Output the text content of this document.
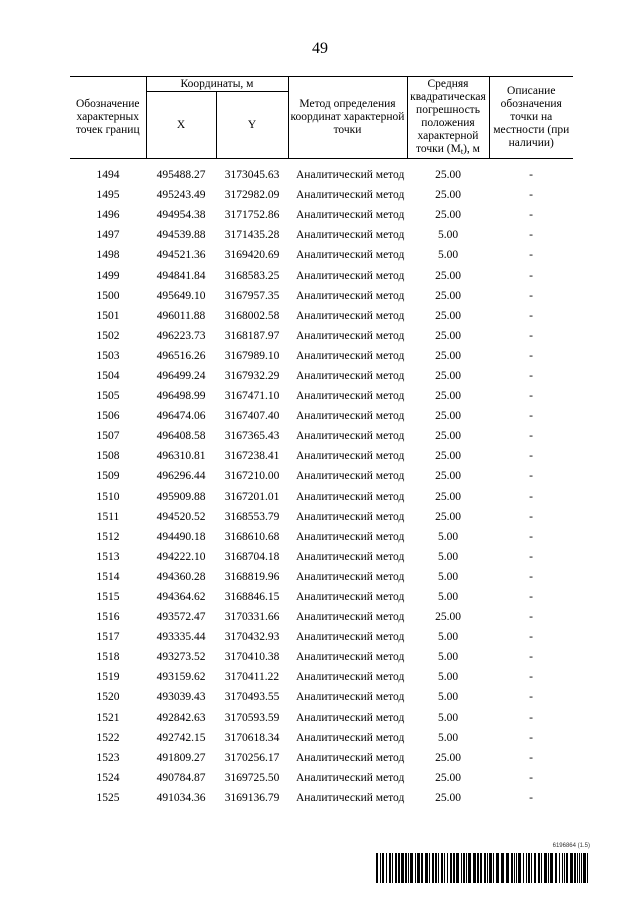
49
Обозначение характерных точек границ	Координаты, м		Метод определения координат характерной точки	Средняя квадратическая погрешность положения характерной точки $(M_t)$, м	Описание обозначения точки на местности (при наличии)
	X	Y			

1494	495488.27	3173045.63	Аналитический метод	25.00	-
1495	495243.49	3172982.09	Аналитический метод	25.00	-
1496	494954.38	3171752.86	Аналитический метод	25.00	-
1497	494539.88	3171435.28	Аналитический метод	5.00	-
1498	494521.36	3169420.69	Аналитический метод	5.00	-
1499	494841.84	3168583.25	Аналитический метод	25.00	-
1500	495649.10	3167957.35	Аналитический метод	25.00	-
1501	496011.88	3168002.58	Аналитический метод	25.00	-
1502	496223.73	3168187.97	Аналитический метод	25.00	-
1503	496516.26	3167989.10	Аналитический метод	25.00	-
1504	496499.24	3167932.29	Аналитический метод	25.00	-
1505	496498.99	3167471.10	Аналитический метод	25.00	-
1506	496474.06	3167407.40	Аналитический метод	25.00	-
1507	496408.58	3167365.43	Аналитический метод	25.00	-
1508	496310.81	3167238.41	Аналитический метод	25.00	-
1509	496296.44	3167210.00	Аналитический метод	25.00	-
1510	495909.88	3167201.01	Аналитический метод	25.00	-
1511	494520.52	3168553.79	Аналитический метод	25.00	-
1512	494490.18	3168610.68	Аналитический метод	5.00	-
1513	494222.10	3168704.18	Аналитический метод	5.00	-
1514	494360.28	3168819.96	Аналитический метод	5.00	-
1515	494364.62	3168846.15	Аналитический метод	5.00	-
1516	493572.47	3170331.66	Аналитический метод	25.00	-
1517	493335.44	3170432.93	Аналитический метод	5.00	-
1518	493273.52	3170410.38	Аналитический метод	5.00	-
1519	493159.62	3170411.22	Аналитический метод	5.00	-
1520	493039.43	3170493.55	Аналитический метод	5.00	-
1521	492842.63	3170593.59	Аналитический метод	5.00	-
1522	492742.15	3170618.34	Аналитический метод	5.00	-
1523	491809.27	3170256.17	Аналитический метод	25.00	-
1524	490784.87	3169725.50	Аналитический метод	25.00	-
1525	491034.36	3169136.79	Аналитический метод	25.00	-
6196864 (1.5)
